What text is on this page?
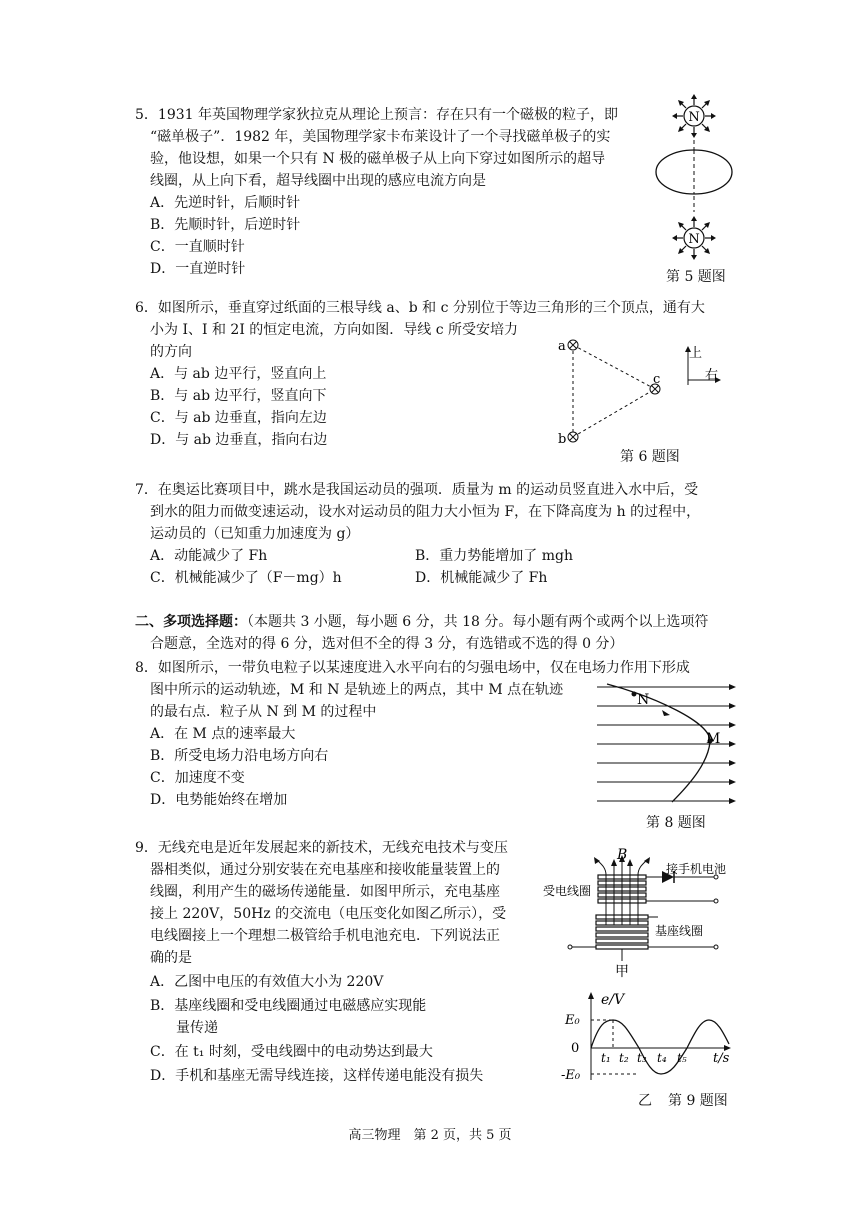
5．1931 年英国物理学家狄拉克从理论上预言：存在只有一个磁极的粒子，即
“磁单极子”．1982 年，美国物理学家卡布莱设计了一个寻找磁单极子的实
验，他设想，如果一个只有 N 极的磁单极子从上向下穿过如图所示的超导
线圈，从上向下看，超导线圈中出现的感应电流方向是
A．先逆时针，后顺时针
B．先顺时针，后逆时针
C．一直顺时针
D．一直逆时针
N
N
第 5 题图
6．如图所示，垂直穿过纸面的三根导线 a、b 和 c 分别位于等边三角形的三个顶点，通有大
小为 I、I 和 2I 的恒定电流，方向如图．导线 c 所受安培力
的方向
A．与 ab 边平行，竖直向上
B．与 ab 边平行，竖直向下
C．与 ab 边垂直，指向左边
D．与 ab 边垂直，指向右边
a
b
c
上
右
第 6 题图
7．在奥运比赛项目中，跳水是我国运动员的强项．质量为 m 的运动员竖直进入水中后，受
到水的阻力而做变速运动，设水对运动员的阻力大小恒为 F，在下降高度为 h 的过程中，
运动员的（已知重力加速度为 g）
A．动能减少了 Fh	B．重力势能增加了 mgh
C．机械能减少了（F－mg）h	D．机械能减少了 Fh
二、多项选择题：（本题共 3 小题，每小题 6 分，共 18 分。每小题有两个或两个以上选项符
合题意，全选对的得 6 分，选对但不全的得 3 分，有选错或不选的得 0 分）
8．如图所示，一带负电粒子以某速度进入水平向右的匀强电场中，仅在电场力作用下形成
图中所示的运动轨迹，M 和 N 是轨迹上的两点，其中 M 点在轨迹
的最右点．粒子从 N 到 M 的过程中
A．在 M 点的速率最大
B．所受电场力沿电场方向右
C．加速度不变
D．电势能始终在增加
N
M
第 8 题图
9．无线充电是近年发展起来的新技术，无线充电技术与变压
器相类似，通过分别安装在充电基座和接收能量装置上的
线圈，利用产生的磁场传递能量．如图甲所示，充电基座
接上 220V，50Hz 的交流电（电压变化如图乙所示），受
电线圈接上一个理想二极管给手机电池充电．下列说法正
确的是
A．乙图中电压的有效值大小为 220V
B．基座线圈和受电线圈通过电磁感应实现能
量传递
C．在 t₁ 时刻，受电线圈中的电动势达到最大
D．手机和基座无需导线连接，这样传递电能没有损失
B
接手机电池
受电线圈
基座线圈
甲
e/V
E₀
0
-E₀
t₁ t₂ t₃ t₄ t₅ t/s
乙 第 9 题图
高三物理　第 2 页，共 5 页
